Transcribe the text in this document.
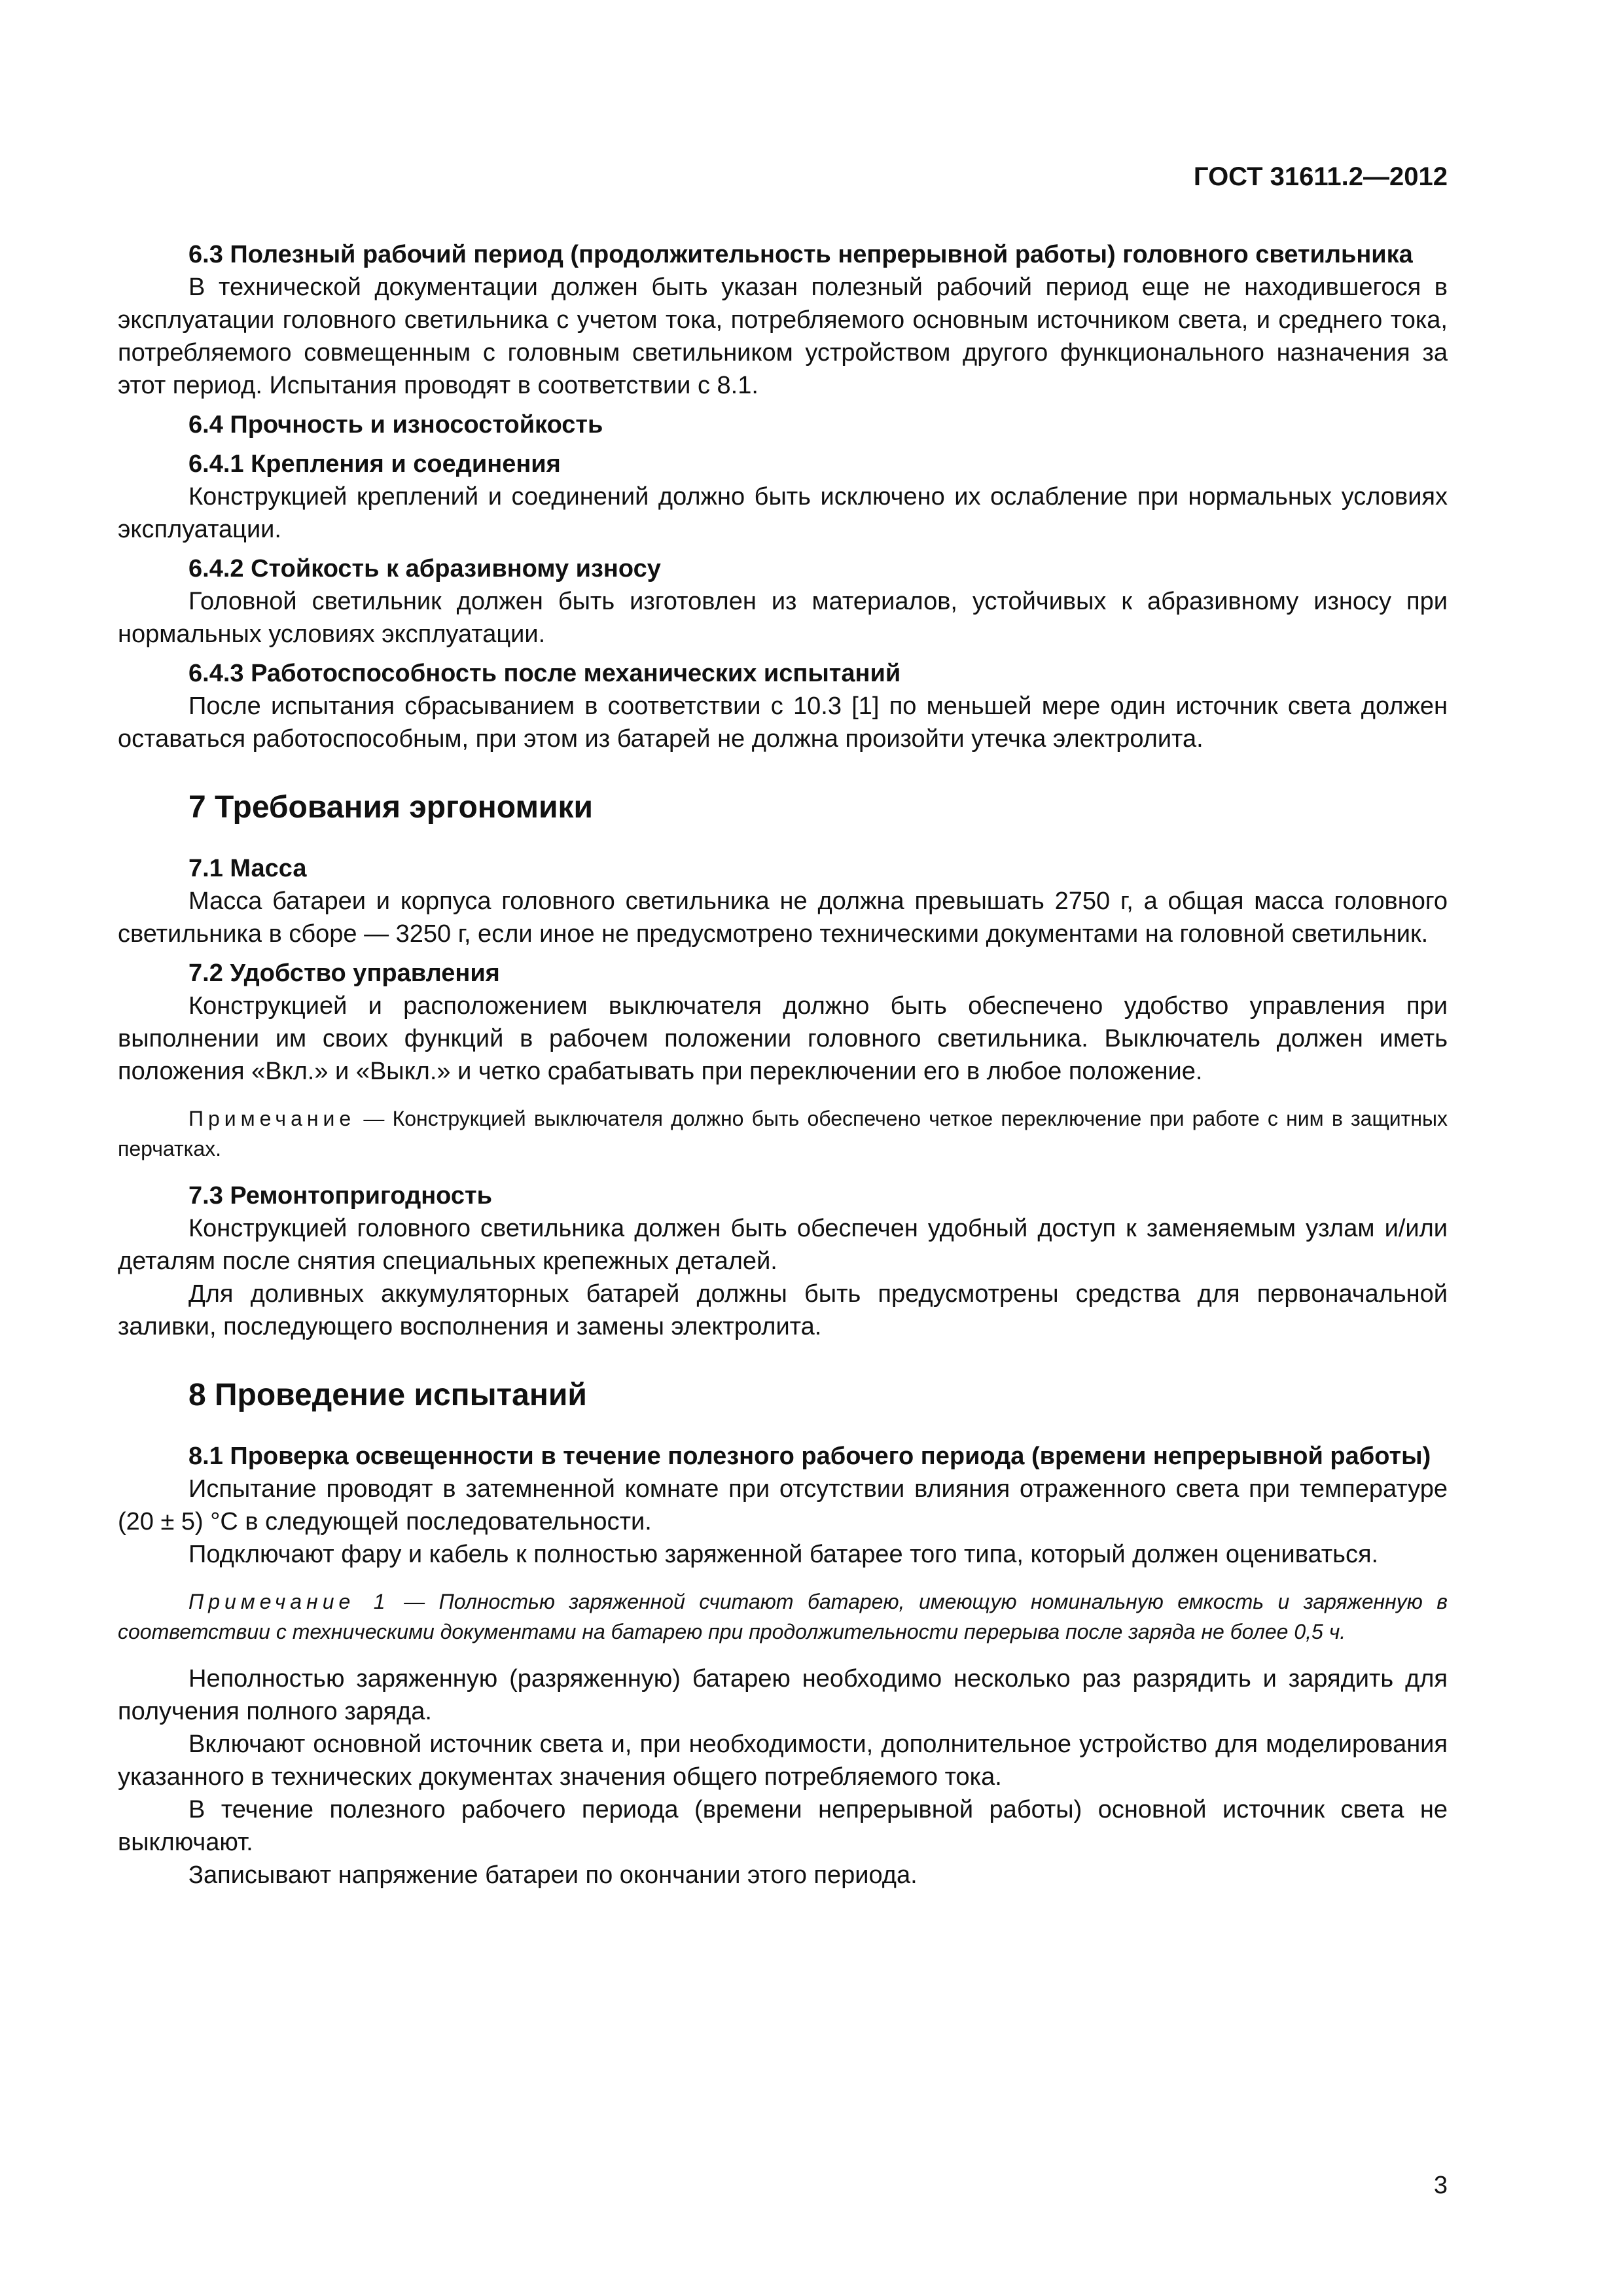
ГОСТ 31611.2—2012
6.3 Полезный рабочий период (продолжительность непрерывной работы) головного светильника
В технической документации должен быть указан полезный рабочий период еще не находившегося в эксплуатации головного светильника с учетом тока, потребляемого основным источником света, и среднего тока, потребляемого совмещенным с головным светильником устройством другого функционального назначения за этот период. Испытания проводят в соответствии с 8.1.
6.4 Прочность и износостойкость
6.4.1 Крепления и соединения
Конструкцией креплений и соединений должно быть исключено их ослабление при нормальных условиях эксплуатации.
6.4.2 Стойкость к абразивному износу
Головной светильник должен быть изготовлен из материалов, устойчивых к абразивному износу при нормальных условиях эксплуатации.
6.4.3 Работоспособность после механических испытаний
После испытания сбрасыванием в соответствии с 10.3 [1] по меньшей мере один источник света должен оставаться работоспособным, при этом из батарей не должна произойти утечка электролита.
7 Требования эргономики
7.1 Масса
Масса батареи и корпуса головного светильника не должна превышать 2750 г, а общая масса головного светильника в сборе — 3250 г, если иное не предусмотрено техническими документами на головной светильник.
7.2 Удобство управления
Конструкцией и расположением выключателя должно быть обеспечено удобство управления при выполнении им своих функций в рабочем положении головного светильника. Выключатель должен иметь положения «Вкл.» и «Выкл.» и четко срабатывать при переключении его в любое положение.
Примечание — Конструкцией выключателя должно быть обеспечено четкое переключение при работе с ним в защитных перчатках.
7.3 Ремонтопригодность
Конструкцией головного светильника должен быть обеспечен удобный доступ к заменяемым узлам и/или деталям после снятия специальных крепежных деталей.
Для доливных аккумуляторных батарей должны быть предусмотрены средства для первоначальной заливки, последующего восполнения и замены электролита.
8 Проведение испытаний
8.1 Проверка освещенности в течение полезного рабочего периода (времени непрерывной работы)
Испытание проводят в затемненной комнате при отсутствии влияния отраженного света при температуре (20 ± 5) °С в следующей последовательности.
Подключают фару и кабель к полностью заряженной батарее того типа, который должен оцениваться.
Примечание 1 — Полностью заряженной считают батарею, имеющую номинальную емкость и заряженную в соответствии с техническими документами на батарею при продолжительности перерыва после заряда не более 0,5 ч.
Неполностью заряженную (разряженную) батарею необходимо несколько раз разрядить и зарядить для получения полного заряда.
Включают основной источник света и, при необходимости, дополнительное устройство для моделирования указанного в технических документах значения общего потребляемого тока.
В течение полезного рабочего периода (времени непрерывной работы) основной источник света не выключают.
Записывают напряжение батареи по окончании этого периода.
3
